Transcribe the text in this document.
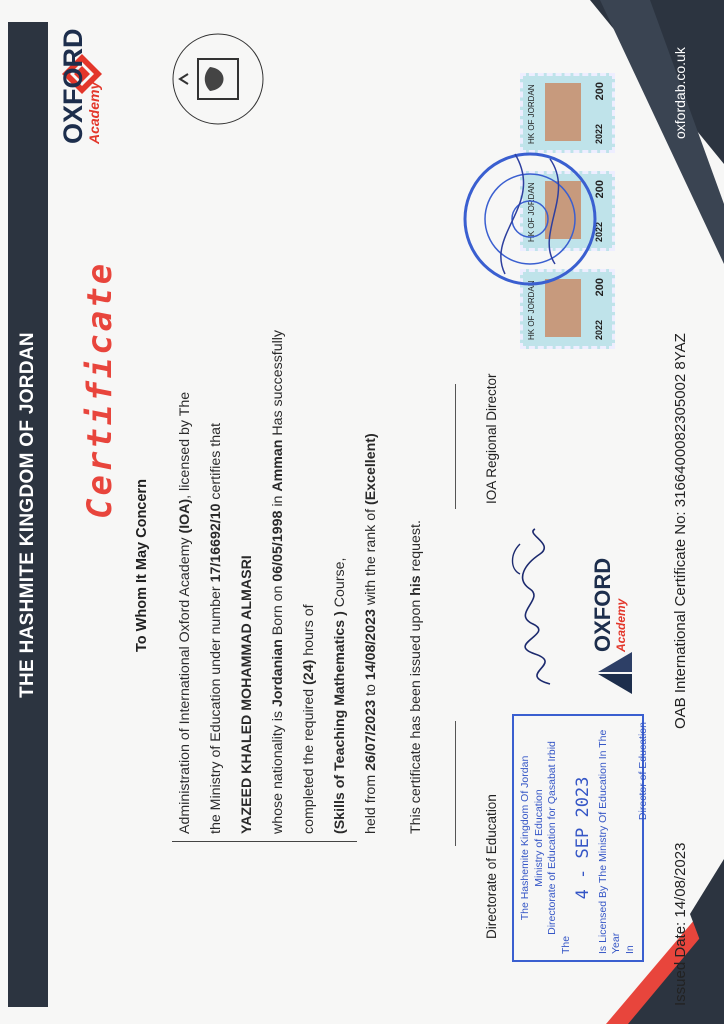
THE HASHMITE KINGDOM OF JORDAN Certificate
To Whom It May Concern	Administration of International Oxford Academy (IOA), licensed by The
the Ministry of Education under number 17/16692/10 certifies that
YAZEED KHALED MOHAMMAD ALMASRI	whose nationality is Jordanian Born on 06/05/1998 in Amman Has successfully
completed the required (24) hours of	(Skills of Teaching Mathematics ) Course,
held from 26/07/2023 to 14/08/2023 with the rank of (Excellent)
This certificate has been issued upon his request.
Directorate of Education
IOA Regional Director
The Hashemite Kingdom Of Jordan Ministry of Education Directorate of Education for Qasabat Irbid
The
4 - SEP 2023 Is Licensed By The Ministry Of Education In The Year In
Director of Education
OXFORD Academy
HK OF JORDAN	2022
200
HK OF JORDAN	2022
200
HK OF JORDAN	2022
200
OXFORD
Academy
Issued Date: 14/08/2023
OAB International Certificate No: 3166400082305002 8YAZ
oxfordab.co.uk
